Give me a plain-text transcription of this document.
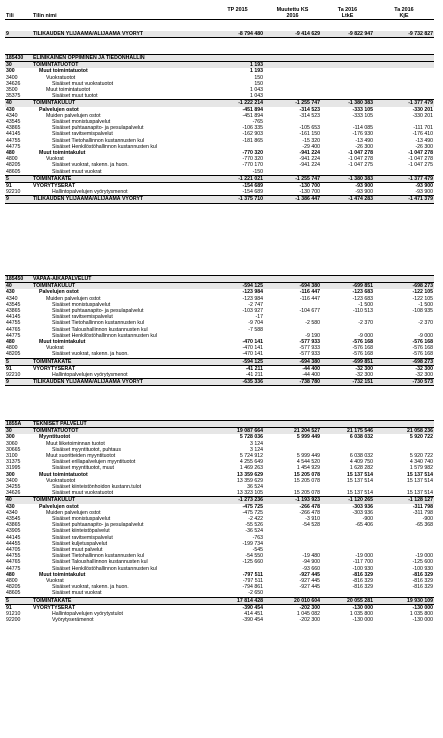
		TP 2015	Muutettu KS	Ta 2016	Ta 2016
Tili	Tilin nimi		2016	LtkE	KjE
9	TILIKAUDEN YLIJÄÄMÄ/ALIJÄÄMÄ VYÖRYT	-8 794 480	-9 414 629	-9 822 947	-9 732 827
185430	ELINIKÄINEN OPPIMINEN JA TIEDONHALLIN				
30	TOIMINTATUOTOT	1 193			
300	Muut toimintatuotot	1 193			
3400	Vuokratuotot	150			
34626	Sisäiset muut vuokratuotot	150			
3500	Muut toimintatuotot	1 043			
35375	Sisäiset muut tuotot	1 043			
40	TOIMINTAKULUT	-1 222 214	-1 255 747	-1 380 383	-1 377 479
430	Palvelujen ostot	-451 894	-314 523	-333 105	-330 201
4340	Muiden palvelujen ostot	-451 894	-314 523	-333 105	-330 201
43545	Sisäiset monistuspalvelut	-765			
43865	Sisäiset puhtaanapito- ja pesulapalvelut	-106 335	-105 653	-114 085	-111 701
44145	Sisäiset ravitsemispalvelut	-162 903	-161 150	-176 930	-176 410
44755	Sisäiset Tietohallinnon kustannusten kul	-181 865	-15 320	-13 490	-13 490
44775	Sisäiset Henkilöstöhallinnon kustannusten kul		-29 400	-26 300	-26 300
480	Muut toimintakulut	-770 320	-941 224	-1 047 278	-1 047 278
4800	Vuokrat	-770 320	-941 224	-1 047 278	-1 047 278
48205	Sisäiset vuokrat, rakenn. ja huon.	-770 170	-941 224	-1 047 275	-1 047 275
48605	Sisäiset muut vuokrat	-150			
5	TOIMINTAKATE	-1 221 021	-1 255 747	-1 380 383	-1 377 479
91	VYÖRYTYSERÄT	-154 689	-130 700	-93 900	-93 900
92210	Hallintopalvelujen vyörytysmenot	-154 689	-130 700	-93 900	-93 900
9	TILIKAUDEN YLIJÄÄMÄ/ALIJÄÄMÄ VYÖRYT	-1 375 710	-1 386 447	-1 474 283	-1 471 379
185450	VAPAA-AIKAPALVELUT				
40	TOIMINTAKULUT	-594 125	-694 380	-699 851	-698 273
430	Palvelujen ostot	-123 984	-116 447	-123 683	-122 105
4340	Muiden palvelujen ostot	-123 984	-116 447	-123 683	-122 105
43545	Sisäiset monistuspalvelut	-2 747		-1 500	-1 500
43865	Sisäiset puhtaanapito- ja pesulapalvelut	-103 927	-104 677	-110 513	-108 935
44145	Sisäiset ravitsemispalvelut	-17			
44755	Sisäiset Tietohallinnon kustannusten kul	-9 704	-2 580	-2 370	-2 370
44765	Sisäiset Taloushallinnon kustannusten kul	-7 588			
44775	Sisäiset Henkilöstöhallinnon kustannusten kul		-9 190	-9 000	-9 000
480	Muut toimintakulut	-470 141	-577 933	-576 168	-576 168
4800	Vuokrat	-470 141	-577 933	-576 168	-576 168
48205	Sisäiset vuokrat, rakenn. ja huon.	-470 141	-577 933	-576 168	-576 168
5	TOIMINTAKATE	-594 125	-694 380	-699 851	-698 273
91	VYÖRYTYSERÄT	-41 211	-44 400	-32 300	-32 300
92210	Hallintopalvelujen vyörytysmenot	-41 211	-44 400	-32 300	-32 300
9	TILIKAUDEN YLIJÄÄMÄ/ALIJÄÄMÄ VYÖRYT	-635 336	-738 780	-732 151	-730 573
1855A	TEKNISET PALVELUT				
30	TOIMINTATUOTOT	19 087 664	21 204 527	21 175 546	21 058 236
300	Myyntituotot	5 728 036	5 999 449	6 038 032	5 920 722
3060	Muut liiketoiminnan tuotot	3 124			
30665	Sisäiset myyntituotot, puhtaus	3 124			
3100	Muut suoritteiden myyntituotot	5 724 912	5 999 449	6 038 032	5 920 722
31375	Sisäiset erillapalvelujen myyntituotot	4 255 649	4 544 520	4 409 750	4 340 740
31995	Sisäiset myyntituotot, muut	1 469 263	1 454 929	1 628 282	1 579 982
300	Muut toimintatuotot	13 359 629	15 205 078	15 137 514	15 137 514
3400	Vuokratuotot	13 359 629	15 205 078	15 137 514	15 137 514
34255	Sisäiset kiinteistönhoidon kustann.tulot	36 524			
34626	Sisäiset muut vuokratuotot	13 323 105	15 205 078	15 137 514	15 137 514
40	TOIMINTAKULUT	-1 273 236	-1 193 923	-1 120 265	-1 128 127
430	Palvelujen ostot	-475 725	-266 478	-303 936	-311 798
4340	Muiden palvelujen ostot	-475 725	-266 478	-303 936	-311 798
43545	Sisäiset monistuspalvelut	-2 422	-3 910	-900	-900
43865	Sisäiset puhtaanapito- ja pesulapalvelut	-55 526	-54 528	-65 406	-65 368
43905	Sisäiset kiinteistöpalvelut	-36 524			
44145	Sisäiset ravitsemispalvelut	-763			
44455	Sisäiset kuljetuspalvelut	-199 734			
44705	Sisäiset muut palvelut	-545			
44755	Sisäiset Tietohallinnon kustannusten kul	-54 550	-19 480	-19 000	-19 000
44765	Sisäiset Taloushallinnon kustannusten kul	-125 660	-94 900	-117 700	-125 600
44775	Sisäiset Henkilöstöhallinnon kustannusten kul		-93 660	-100 930	-100 930
480	Muut toimintakulut	-797 511	-927 445	-816 329	-816 329
4800	Vuokrat	-797 511	-927 445	-816 329	-816 329
48205	Sisäiset vuokrat, rakenn. ja huon.	-794 861	-927 445	-816 329	-816 329
48605	Sisäiset muut vuokrat	-2 650			
5	TOIMINTAKATE	17 814 428	20 010 604	20 055 281	19 930 109
91	VYÖRYTYSERÄT	-390 454	-202 300	-130 000	-130 000
91210	Hallintopalvelujen vyörytystulot	414 451	1 045 082	1 035 800	1 035 800
92200	Vyörytyserämenot	-390 454	-202 300	-130 000	-130 000
